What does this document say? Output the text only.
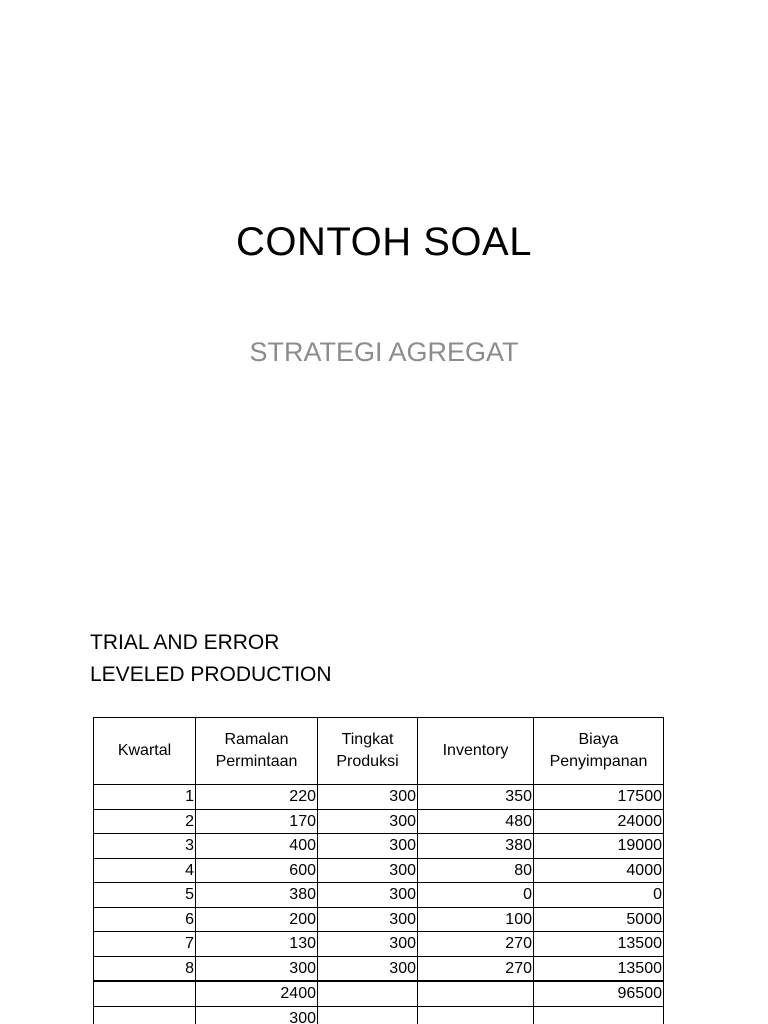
CONTOH SOAL
STRATEGI AGREGAT
TRIAL AND ERROR
LEVELED PRODUCTION
Kwartal	Ramalan Permintaan	Tingkat Produksi	Inventory	Biaya Penyimpanan
1	220	300	350	17500
2	170	300	480	24000
3	400	300	380	19000
4	600	300	80	4000
5	380	300	0	0
6	200	300	100	5000
7	130	300	270	13500
8	300	300	270	13500
	2400			96500
	300			
